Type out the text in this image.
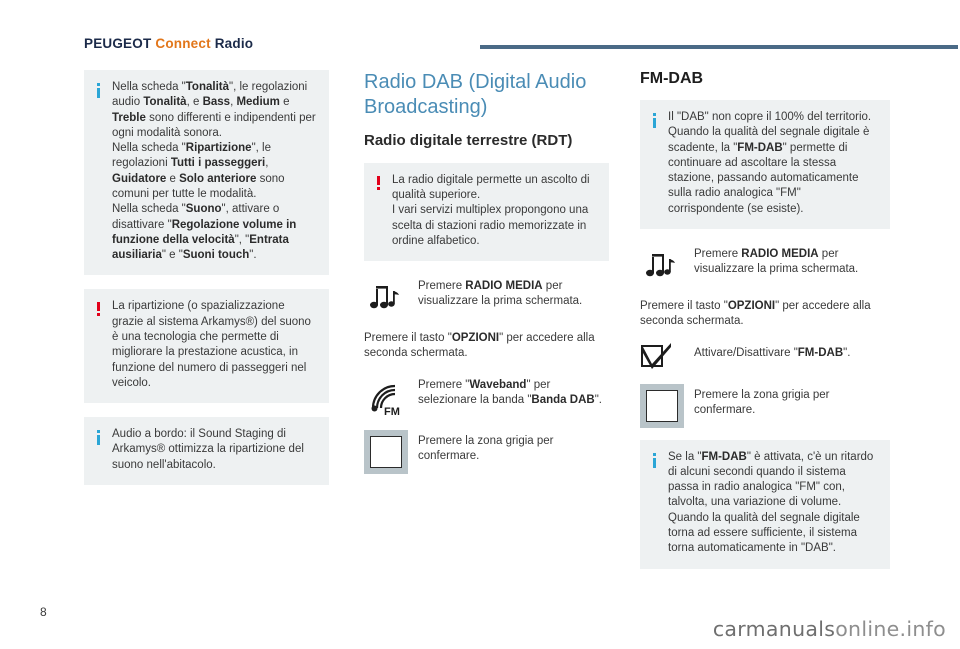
PEUGEOT Connect Radio

Nella scheda "Tonalità", le regolazioni audio Tonalità, e Bass, Medium e Treble sono differenti e indipendenti per ogni modalità sonora.

Nella scheda "Ripartizione", le regolazioni Tutti i passeggeri, Guidatore e Solo anteriore sono comuni per tutte le modalità.

Nella scheda "Suono", attivare o disattivare "Regolazione volume in funzione della velocità", "Entrata ausiliaria" e "Suoni touch".

La ripartizione (o spazializzazione grazie al sistema Arkamys®) del suono è una tecnologia che permette di migliorare la prestazione acustica, in funzione del numero di passeggeri nel veicolo.

Audio a bordo: il Sound Staging di Arkamys® ottimizza la ripartizione del suono nell'abitacolo.

Radio DAB (Digital Audio Broadcasting)
Radio digitale terrestre (RDT)

La radio digitale permette un ascolto di qualità superiore.

I vari servizi multiplex propongono una scelta di stazioni radio memorizzate in ordine alfabetico.

Premere RADIO MEDIA per visualizzare la prima schermata.

Premere il tasto "OPZIONI" per accedere alla seconda schermata.

FM
Premere "Waveband" per selezionare la banda "Banda DAB".
Premere la zona grigia per confermare.
FM-DAB

Il "DAB" non copre il 100% del territorio. Quando la qualità del segnale digitale è scadente, la "FM-DAB" permette di continuare ad ascoltare la stessa stazione, passando automaticamente sulla radio analogica "FM" corrispondente (se esiste).

Premere RADIO MEDIA per visualizzare la prima schermata.

Premere il tasto "OPZIONI" per accedere alla seconda schermata.

Attivare/Disattivare "FM-DAB".
Premere la zona grigia per confermare.

Se la "FM-DAB" è attivata, c'è un ritardo di alcuni secondi quando il sistema passa in radio analogica "FM" con, talvolta, una variazione di volume.

Quando la qualità del segnale digitale torna ad essere sufficiente, il sistema torna automaticamente in "DAB".

8
carmanualsonline.info
